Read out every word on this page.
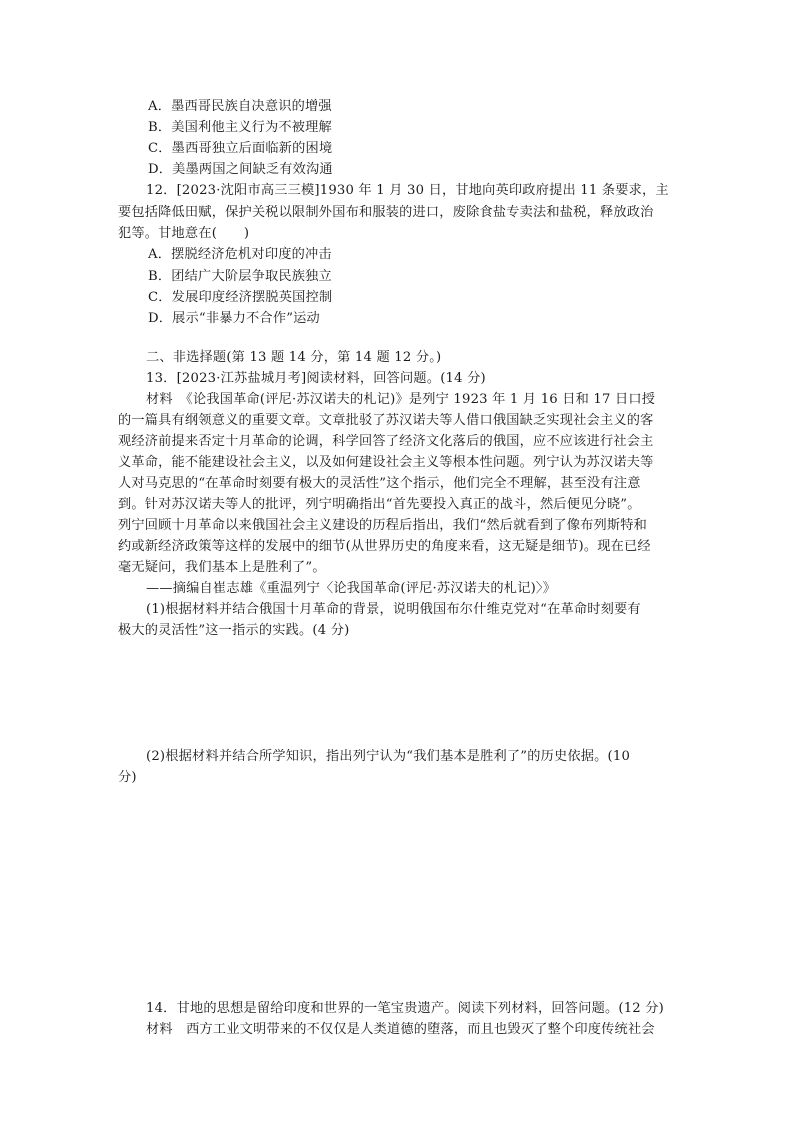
A．墨西哥民族自决意识的增强
B．美国利他主义行为不被理解
C．墨西哥独立后面临新的困境
D．美墨两国之间缺乏有效沟通
12．[2023·沈阳市高三三模]1930 年 1 月 30 日，甘地向英印政府提出 11 条要求，主
要包括降低田赋，保护关税以限制外国布和服装的进口，废除食盐专卖法和盐税，释放政治
犯等。甘地意在(　　)
A．摆脱经济危机对印度的冲击
B．团结广大阶层争取民族独立
C．发展印度经济摆脱英国控制
D．展示“非暴力不合作”运动
二、非选择题(第 13 题 14 分，第 14 题 12 分。)
13．[2023·江苏盐城月考]阅读材料，回答问题。(14 分)
材料　《论我国革命(评尼·苏汉诺夫的札记)》是列宁 1923 年 1 月 16 日和 17 日口授
的一篇具有纲领意义的重要文章。文章批驳了苏汉诺夫等人借口俄国缺乏实现社会主义的客
观经济前提来否定十月革命的论调，科学回答了经济文化落后的俄国，应不应该进行社会主
义革命，能不能建设社会主义，以及如何建设社会主义等根本性问题。列宁认为苏汉诺夫等
人对马克思的“在革命时刻要有极大的灵活性”这个指示，他们完全不理解，甚至没有注意
到。针对苏汉诺夫等人的批评，列宁明确指出“首先要投入真正的战斗，然后便见分晓”。
列宁回顾十月革命以来俄国社会主义建设的历程后指出，我们“然后就看到了像布列斯特和
约或新经济政策等这样的发展中的细节(从世界历史的角度来看，这无疑是细节)。现在已经
毫无疑问，我们基本上是胜利了”。
——摘编自崔志雄《重温列宁〈论我国革命(评尼·苏汉诺夫的札记)〉》
(1)根据材料并结合俄国十月革命的背景，说明俄国布尔什维克党对“在革命时刻要有
极大的灵活性”这一指示的实践。(4 分)
(2)根据材料并结合所学知识，指出列宁认为“我们基本是胜利了”的历史依据。(10
分)
14．甘地的思想是留给印度和世界的一笔宝贵遗产。阅读下列材料，回答问题。(12 分)
材料　西方工业文明带来的不仅仅是人类道德的堕落，而且也毁灭了整个印度传统社会
